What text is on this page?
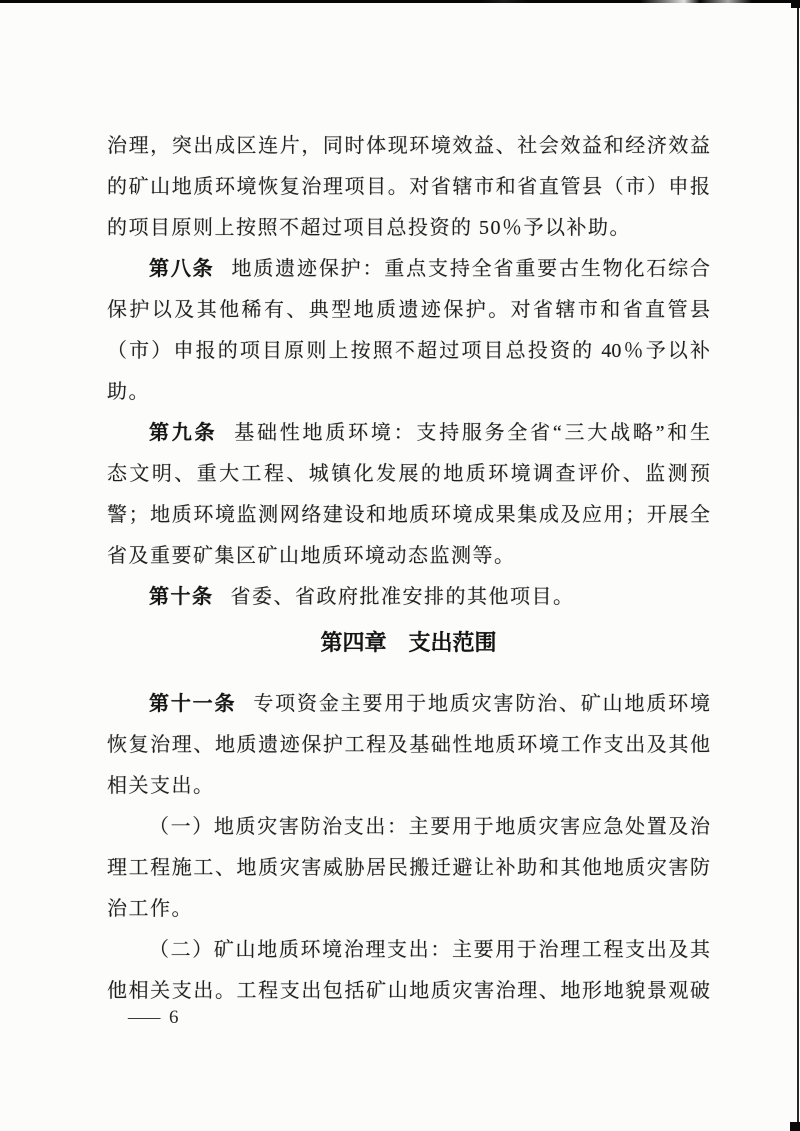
治理，突出成区连片，同时体现环境效益、社会效益和经济效益

的矿山地质环境恢复治理项目。对省辖市和省直管县（市）申报

的项目原则上按照不超过项目总投资的 50％予以补助。

第八条 地质遗迹保护：重点支持全省重要古生物化石综合

保护以及其他稀有、典型地质遗迹保护。对省辖市和省直管县

（市）申报的项目原则上按照不超过项目总投资的 40％予以补

助。

第九条 基础性地质环境：支持服务全省“三大战略”和生

态文明、重大工程、城镇化发展的地质环境调查评价、监测预

警；地质环境监测网络建设和地质环境成果集成及应用；开展全

省及重要矿集区矿山地质环境动态监测等。

第十条 省委、省政府批准安排的其他项目。

第四章 支出范围

第十一条 专项资金主要用于地质灾害防治、矿山地质环境

恢复治理、地质遗迹保护工程及基础性地质环境工作支出及其他

相关支出。

（一）地质灾害防治支出：主要用于地质灾害应急处置及治

理工程施工、地质灾害威胁居民搬迁避让补助和其他地质灾害防

治工作。

（二）矿山地质环境治理支出：主要用于治理工程支出及其

他相关支出。工程支出包括矿山地质灾害治理、地形地貌景观破

— 6
